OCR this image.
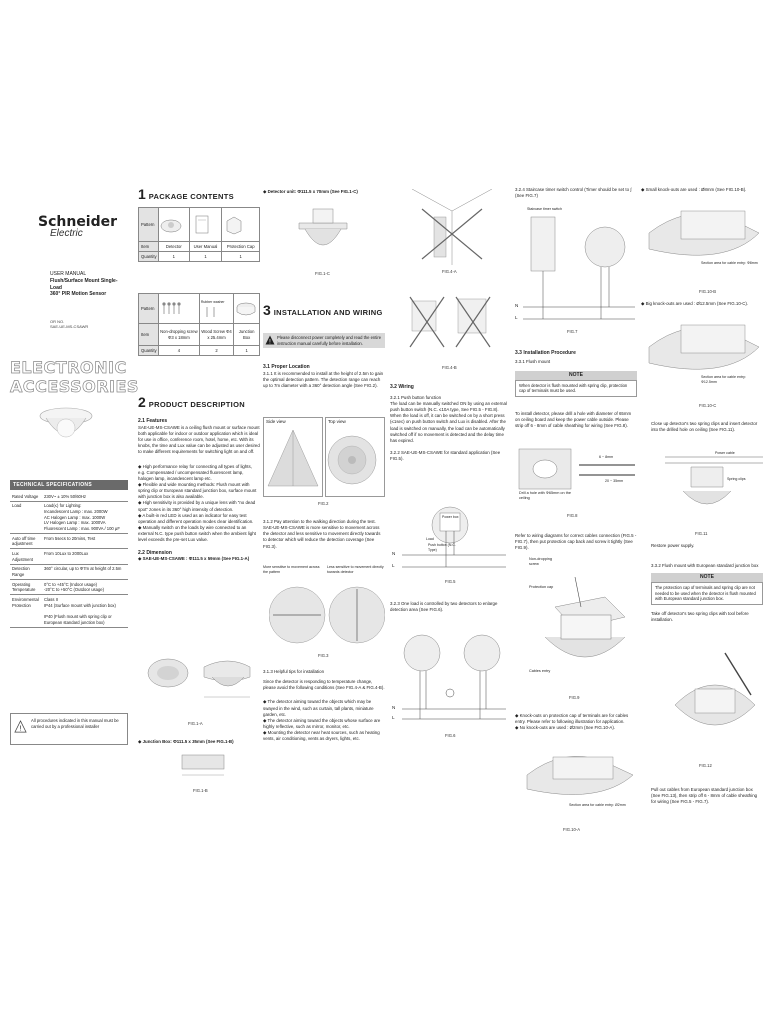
Schneider
Electric
USER MANUAL
Flush/Surface Mount Single-Load
360° PIR Motion Sensor
OR NO.
SAE-UE-MS-CSAWR
ELECTRONIC
ACCESSORIES
TECHNICAL SPECIFICATIONS
Rated Voltage	230V~ ± 10% 50/60Hz
Load	Load(≤) for Lighting:
Incandescent Lamp : max. 2000W
AC Halogen Lamp : max. 1000W
LV Halogen Lamp : max. 1000VA
Fluorescent Lamp : max. 900VA / 100 μF
Auto off time adjustment	From 5secs to 20mins, Test
Lux Adjustment	From 10Lux to 2000Lux
Detection Range	360° circular, up to Φ7m at height of 2.5m
Operating Temperature	0°C to +45°C (Indoor usage)
-20°C to +50°C (Outdoor usage)
Environmental Protection	Class II
IP44 (Surface mount with junction box)

IP40 (Flush mount with spring clip or European standard junction box)
!
All procedures indicated in this manual must be carried out by a professional installer
1 PACKAGE CONTENTS
Pattern	

Item	Detector	User Manual	Protection Cap
Quantity	1	1	1
Pattern		Rubber washer

Item	Non-dropping screw Φ3 x 18mm	Wood Screw Φ4 x 25.4mm	Junction Box
Quantity	4	2	1
2 PRODUCT DESCRIPTION
2.1 Features
SAE-UE-MS-CSAWE is a ceiling flush mount or surface mount both applicable for indoor or outdoor application which is ideal for use in office, conference room, hotel, home, etc. With its knobs, the time and Lux value can be adjusted as user desired to make different requirements for switching light on and off.
◆ High performance relay for connecting all types of lights, e.g. Compensated / uncompensated fluorescent lamp, halogen lamp, incandescent lamp etc.
◆ Flexible and wide mounting methods: Flush mount with spring clip or European standard junction box, surface mount with junction box is also available.
◆ High sensitivity is provided by a unique lens with "no dead spot" zones in its 360° high intensity of detection.
◆ A built-in red LED is used as an indicator for easy test operation and different operation modes clear identification.
◆ Manually switch on the loads by wire connected to an external N.C. type push button switch when the ambient light level exceeds the pre-set Lux value.
2.2 Dimension
◆ SAE-UE-MS-CSAWE : Φ111.5 x 59mm (See FIG.1-A)
FIG.1-A
◆ Junction Box: Φ111.5 x 35mm (See FIG.1-B)
FIG.1-B
◆ Detector unit: Φ111.5 x 70mm (See FIG.1-C)
FIG.1-C
3 INSTALLATION AND WIRING
!
Please disconnect power completely and read the entire instruction manual carefully before installation.
3.1 Proper Location
3.1.1 It is recommended to install at the height of 2.5m to gain the optimal detection pattern. The detection range can reach up to 7m diameter with a 360° detection angle (See FIG.2).
Side view	Top view
FIG.2
3.1.2 Pay attention to the walking direction during the test. SAE-UE-MS-CSAWE is more sensitive to movement across the detector and less sensitive to movement directly towards to detector which will reduce the detection coverage (See FIG.3).
More sensitive to movement across the pattern
Less sensitive to movement directly towards detector
FIG.3
3.1.3 Helpful tips for installation
Since the detector is responding to temperature change, please avoid the following conditions (See FIG.4-A & FIG.4-B).
◆ The detector aiming toward the objects which may be swayed in the wind, such as curtain, tall plants, miniature garden, etc.
◆ The detector aiming toward the objects whose surface are highly reflective, such as mirror, monitor, etc.
◆ Mounting the detector near heat sources, such as heating vents, air conditioning, vents as dryers, lights, etc.
FIG.4-A
FIG.4-B
3.2 Wiring
3.2.1 Push button function
The load can be manually switched ON by using an external push button switch (N.C. ≤10A type, See FIG.5 - FIG.8). When the load is off, it can be switched on by a short press (≤1sec) on push button switch and Lux is disabled. After the load is switched on manually, the load can be automatically switched off if no movement is detected and the delay time has expired.
3.2.2 SAE-UE-MS-CSAWE for standard application (See FIG.5).
Power box
Load
Push button (N.C. Type)
N
L
FIG.5
3.2.3 One load is controlled by two detectors to enlarge detection area (See FIG.6).
N
L
FIG.6
3.2.4 Staircase timer switch control (Timer should be set to ∫ (See FIG.7)
Staircase timer switch
N
L
FIG.7
3.3 Installation Procedure
3.3.1 Flush mount
NOTE
When detector is flush mounted with spring clip, protection cap of terminals must be used.
To install detector, please drill a hole with diameter of 65mm on ceiling board and keep the power cable outside. Please strip off 6 - 8mm of cable sheathing for wiring (See FIG.8).
Drill a hole with Φ65mm on the ceiling
6 ~ 8mm
20 ~ 35mm
FIG.8
Refer to wiring diagrams for correct cables connection (FIG.5 - FIG.7), then put protection cap back and screw it tightly (See FIG.9).
Non-dropping screw
Protection cap
Cables entry
FIG.9
◆ Knock-outs on protection cap of terminals are for cables entry. Please refer to following illustration for application.
◆ No knock-outs are used : Ø2mm (See FIG.10-A).
Section area for cable entry: Ø2mm
FIG.10-A
◆ Small knock-outs are used : Ø8mm (See FIG.10-B).
Section area for cable entry: Φ8mm
FIG.10-B
◆ Big knock-outs are used : Ø12.5mm (See FIG.10-C).
Section area for cable entry: Φ12.5mm
FIG.10-C
Close up detector's two spring clips and insert detector into the drilled hole on ceiling (See FIG.11).
Power cable
Spring clips
FIG.11
Restore power supply.
3.3.2 Flush mount with European standard junction box
NOTE
The protection cap of terminals and spring clip are not needed to be used when the detector is flush mounted with European standard junction box.
Take off detector's two spring clips with tool before installation.
FIG.12
Pull out cables from European standard junction box (See FIG.13), then strip off 6 - 8mm of cable sheathing for wiring (See FIG.5 - FIG.7).
